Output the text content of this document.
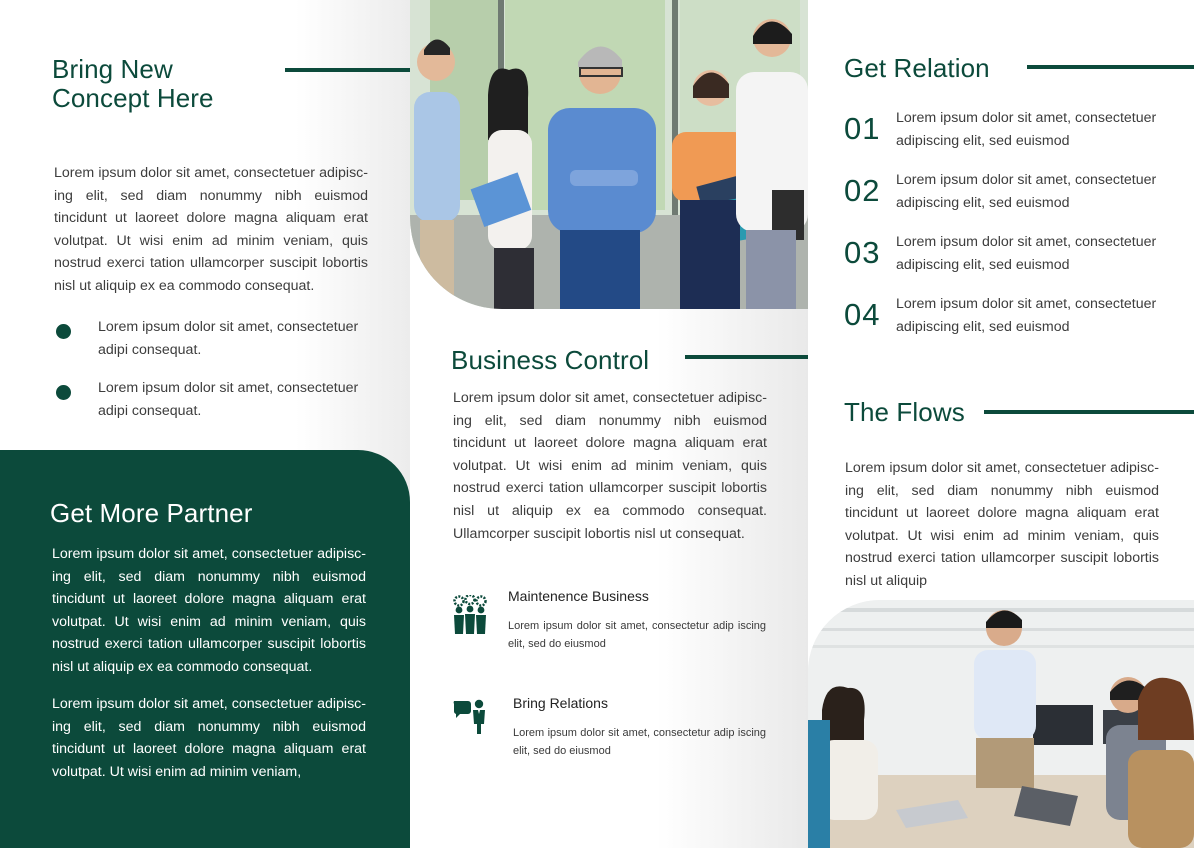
Bring New
Concept Here

Lorem ipsum dolor sit amet, consectetuer adipisc-ing elit, sed diam nonummy nibh euismod tincidunt ut laoreet dolore magna aliquam erat volutpat. Ut wisi enim ad minim veniam, quis nostrud exerci tation ullamcorper suscipit lobortis nisl ut aliquip ex ea commodo consequat.

Lorem ipsum dolor sit amet, consectetuer adipi consequat.

Lorem ipsum dolor sit amet, consectetuer adipi consequat.

Get More Partner

Lorem ipsum dolor sit amet, consectetuer adipisc-ing elit, sed diam nonummy nibh euismod tincidunt ut laoreet dolore magna aliquam erat volutpat. Ut wisi enim ad minim veniam, quis nostrud exerci tation ullamcorper suscipit lobortis nisl ut aliquip ex ea commodo consequat.

Lorem ipsum dolor sit amet, consectetuer adipisc-ing elit, sed diam nonummy nibh euismod tincidunt ut laoreet dolore magna aliquam erat volutpat. Ut wisi enim ad minim veniam,

Business Control

Lorem ipsum dolor sit amet, consectetuer adipisc-ing elit, sed diam nonummy nibh euismod tincidunt ut laoreet dolore magna aliquam erat volutpat. Ut wisi enim ad minim veniam, quis nostrud exerci tation ullamcorper suscipit lobortis nisl ut aliquip ex ea commodo consequat. Ullamcorper suscipit lobortis nisl ut consequat.

Maintenence Business

Lorem ipsum dolor sit amet, consectetur adip iscing elit, sed do eiusmod

Bring Relations

Lorem ipsum dolor sit amet, consectetur adip iscing elit, sed do eiusmod

Get Relation
01 Lorem ipsum dolor sit amet, consectetuer adipiscing elit, sed euismod

02 Lorem ipsum dolor sit amet, consectetuer adipiscing elit, sed euismod

03 Lorem ipsum dolor sit amet, consectetuer adipiscing elit, sed euismod

04 Lorem ipsum dolor sit amet, consectetuer adipiscing elit, sed euismod

The Flows

Lorem ipsum dolor sit amet, consectetuer adipisc-ing elit, sed diam nonummy nibh euismod tincidunt ut laoreet dolore magna aliquam erat volutpat. Ut wisi enim ad minim veniam, quis nostrud exerci tation ullamcorper suscipit lobortis nisl ut aliquip
